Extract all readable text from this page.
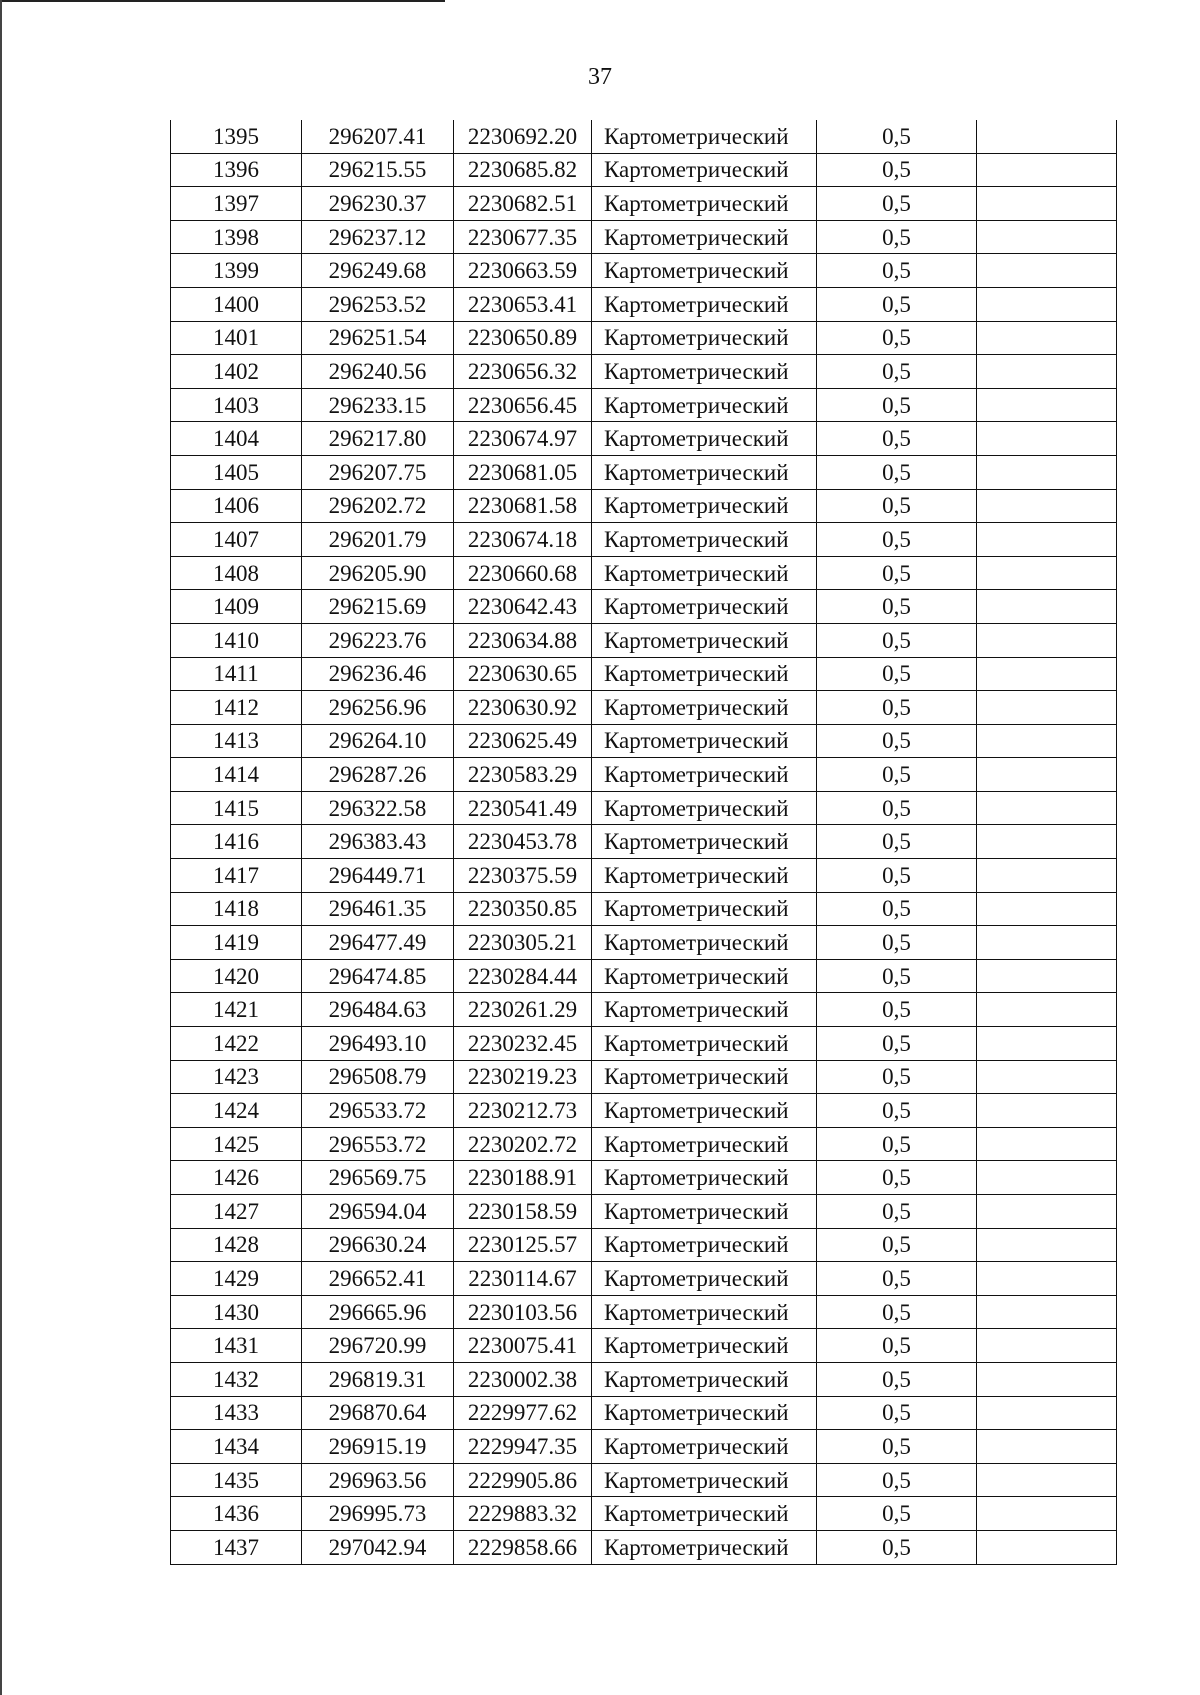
37
1395	296207.41	2230692.20	Картометрический	0,5	
1396	296215.55	2230685.82	Картометрический	0,5	
1397	296230.37	2230682.51	Картометрический	0,5	
1398	296237.12	2230677.35	Картометрический	0,5	
1399	296249.68	2230663.59	Картометрический	0,5	
1400	296253.52	2230653.41	Картометрический	0,5	
1401	296251.54	2230650.89	Картометрический	0,5	
1402	296240.56	2230656.32	Картометрический	0,5	
1403	296233.15	2230656.45	Картометрический	0,5	
1404	296217.80	2230674.97	Картометрический	0,5	
1405	296207.75	2230681.05	Картометрический	0,5	
1406	296202.72	2230681.58	Картометрический	0,5	
1407	296201.79	2230674.18	Картометрический	0,5	
1408	296205.90	2230660.68	Картометрический	0,5	
1409	296215.69	2230642.43	Картометрический	0,5	
1410	296223.76	2230634.88	Картометрический	0,5	
1411	296236.46	2230630.65	Картометрический	0,5	
1412	296256.96	2230630.92	Картометрический	0,5	
1413	296264.10	2230625.49	Картометрический	0,5	
1414	296287.26	2230583.29	Картометрический	0,5	
1415	296322.58	2230541.49	Картометрический	0,5	
1416	296383.43	2230453.78	Картометрический	0,5	
1417	296449.71	2230375.59	Картометрический	0,5	
1418	296461.35	2230350.85	Картометрический	0,5	
1419	296477.49	2230305.21	Картометрический	0,5	
1420	296474.85	2230284.44	Картометрический	0,5	
1421	296484.63	2230261.29	Картометрический	0,5	
1422	296493.10	2230232.45	Картометрический	0,5	
1423	296508.79	2230219.23	Картометрический	0,5	
1424	296533.72	2230212.73	Картометрический	0,5	
1425	296553.72	2230202.72	Картометрический	0,5	
1426	296569.75	2230188.91	Картометрический	0,5	
1427	296594.04	2230158.59	Картометрический	0,5	
1428	296630.24	2230125.57	Картометрический	0,5	
1429	296652.41	2230114.67	Картометрический	0,5	
1430	296665.96	2230103.56	Картометрический	0,5	
1431	296720.99	2230075.41	Картометрический	0,5	
1432	296819.31	2230002.38	Картометрический	0,5	
1433	296870.64	2229977.62	Картометрический	0,5	
1434	296915.19	2229947.35	Картометрический	0,5	
1435	296963.56	2229905.86	Картометрический	0,5	
1436	296995.73	2229883.32	Картометрический	0,5	
1437	297042.94	2229858.66	Картометрический	0,5	
